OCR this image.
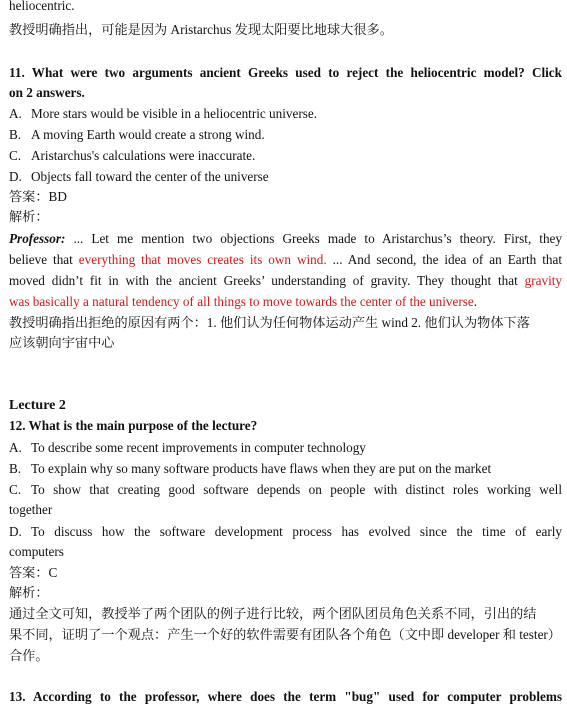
heliocentric.
教授明确指出，可能是因为 Aristarchus 发现太阳要比地球大很多。
11. What were two arguments ancient Greeks used to reject the heliocentric model? Click
on 2 answers.
A. More stars would be visible in a heliocentric universe.
B. A moving Earth would create a strong wind.
C. Aristarchus's calculations were inaccurate.
D. Objects fall toward the center of the universe
答案：BD
解析：
Professor: ... Let me mention two objections Greeks made to Aristarchus’s theory. First, they
believe that everything that moves creates its own wind. ... And second, the idea of an Earth that
moved didn’t fit in with the ancient Greeks’ understanding of gravity. They thought that gravity
was basically a natural tendency of all things to move towards the center of the universe.
教授明确指出拒绝的原因有两个：1. 他们认为任何物体运动产生 wind 2. 他们认为物体下落
应该朝向宇宙中心
Lecture 2
12. What is the main purpose of the lecture?
A. To describe some recent improvements in computer technology
B. To explain why so many software products have flaws when they are put on the market
C. To show that creating good software depends on people with distinct roles working well
together
D. To discuss how the software development process has evolved since the time of early
computers
答案：C
解析：
通过全文可知，教授举了两个团队的例子进行比较，两个团队团员角色关系不同，引出的结
果不同，证明了一个观点：产生一个好的软件需要有团队各个角色（文中即 developer 和 tester）
合作。
13. According to the professor, where does the term "bug" used for computer problems
